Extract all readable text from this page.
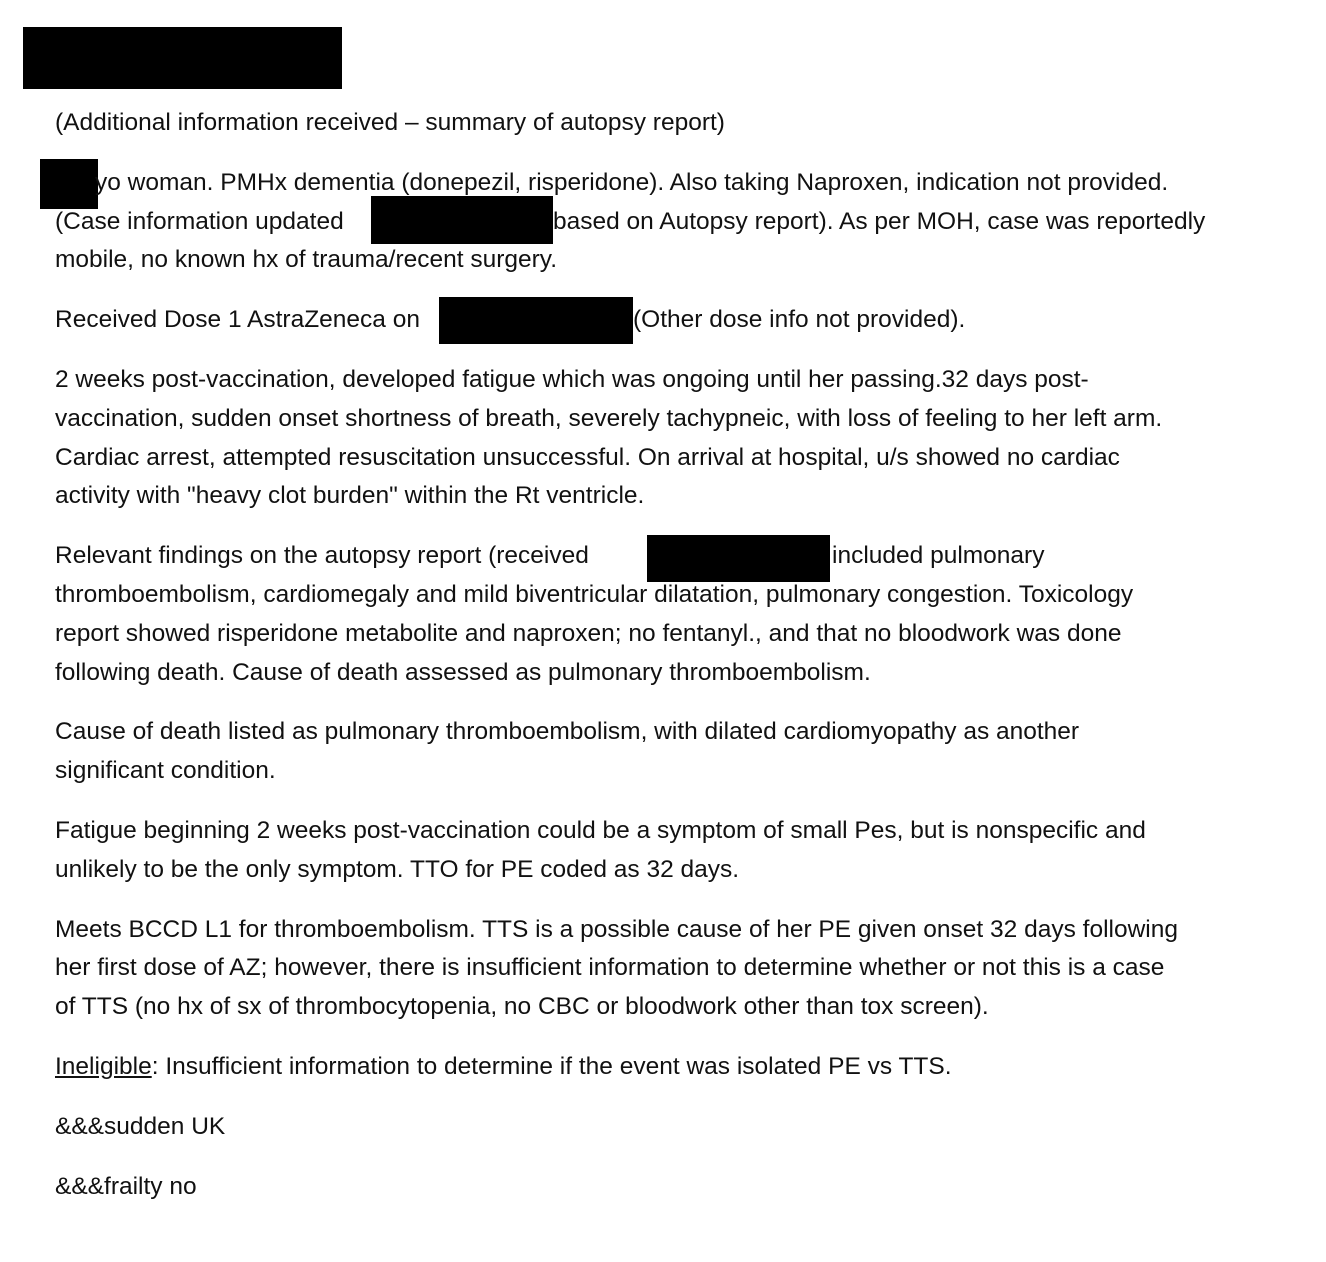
(Additional information received – summary of autopsy report)

yo woman. PMHx dementia (donepezil, risperidone). Also taking Naproxen, indication not provided.
(Case information updated	based on Autopsy report). As per MOH, case was reportedly
mobile, no known hx of trauma/recent surgery.

Received Dose 1 AstraZeneca on	(Other dose info not provided).

2 weeks post-vaccination, developed fatigue which was ongoing until her passing.32 days post-
vaccination, sudden onset shortness of breath, severely tachypneic, with loss of feeling to her left arm.
Cardiac arrest, attempted resuscitation unsuccessful. On arrival at hospital, u/s showed no cardiac
activity with "heavy clot burden" within the Rt ventricle.

Relevant findings on the autopsy report (received	included pulmonary
thromboembolism, cardiomegaly and mild biventricular dilatation, pulmonary congestion. Toxicology
report showed risperidone metabolite and naproxen; no fentanyl., and that no bloodwork was done
following death. Cause of death assessed as pulmonary thromboembolism.

Cause of death listed as pulmonary thromboembolism, with dilated cardiomyopathy as another
significant condition.

Fatigue beginning 2 weeks post-vaccination could be a symptom of small Pes, but is nonspecific and
unlikely to be the only symptom. TTO for PE coded as 32 days.

Meets BCCD L1 for thromboembolism. TTS is a possible cause of her PE given onset 32 days following
her first dose of AZ; however, there is insufficient information to determine whether or not this is a case
of TTS (no hx of sx of thrombocytopenia, no CBC or bloodwork other than tox screen).

Ineligible: Insufficient information to determine if the event was isolated PE vs TTS.

&&&sudden UK

&&&frailty no
